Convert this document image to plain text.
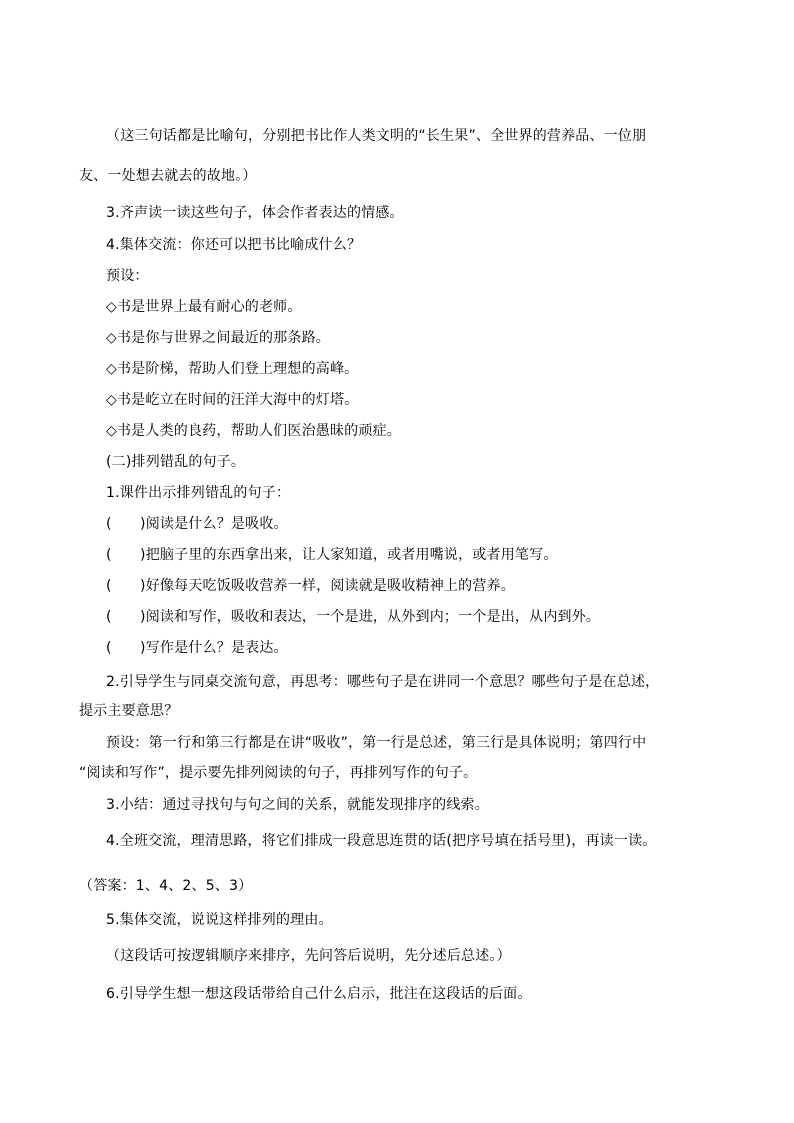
（这三句话都是比喻句，分别把书比作人类文明的“长生果”、全世界的营养品、一位朋
友、一处想去就去的故地。）
3.齐声读一读这些句子，体会作者表达的情感。
4.集体交流：你还可以把书比喻成什么？
预设：
◇书是世界上最有耐心的老师。
◇书是你与世界之间最近的那条路。
◇书是阶梯，帮助人们登上理想的高峰。
◇书是屹立在时间的汪洋大海中的灯塔。
◇书是人类的良药，帮助人们医治愚昧的顽症。
(二)排列错乱的句子。
1.课件出示排列错乱的句子：
(　　)阅读是什么？是吸收。
(　　)把脑子里的东西拿出来，让人家知道，或者用嘴说，或者用笔写。
(　　)好像每天吃饭吸收营养一样，阅读就是吸收精神上的营养。
(　　)阅读和写作，吸收和表达，一个是进，从外到内；一个是出，从内到外。
(　　)写作是什么？是表达。
2.引导学生与同桌交流句意，再思考：哪些句子是在讲同一个意思？哪些句子是在总述，
提示主要意思？
预设：第一行和第三行都是在讲“吸收”，第一行是总述，第三行是具体说明；第四行中
“阅读和写作”，提示要先排列阅读的句子，再排列写作的句子。
3.小结：通过寻找句与句之间的关系，就能发现排序的线索。
4.全班交流，理清思路，将它们排成一段意思连贯的话(把序号填在括号里)，再读一读。
（答案：1、4、2、5、3）
5.集体交流，说说这样排列的理由。
（这段话可按逻辑顺序来排序，先问答后说明，先分述后总述。）
6.引导学生想一想这段话带给自己什么启示，批注在这段话的后面。
